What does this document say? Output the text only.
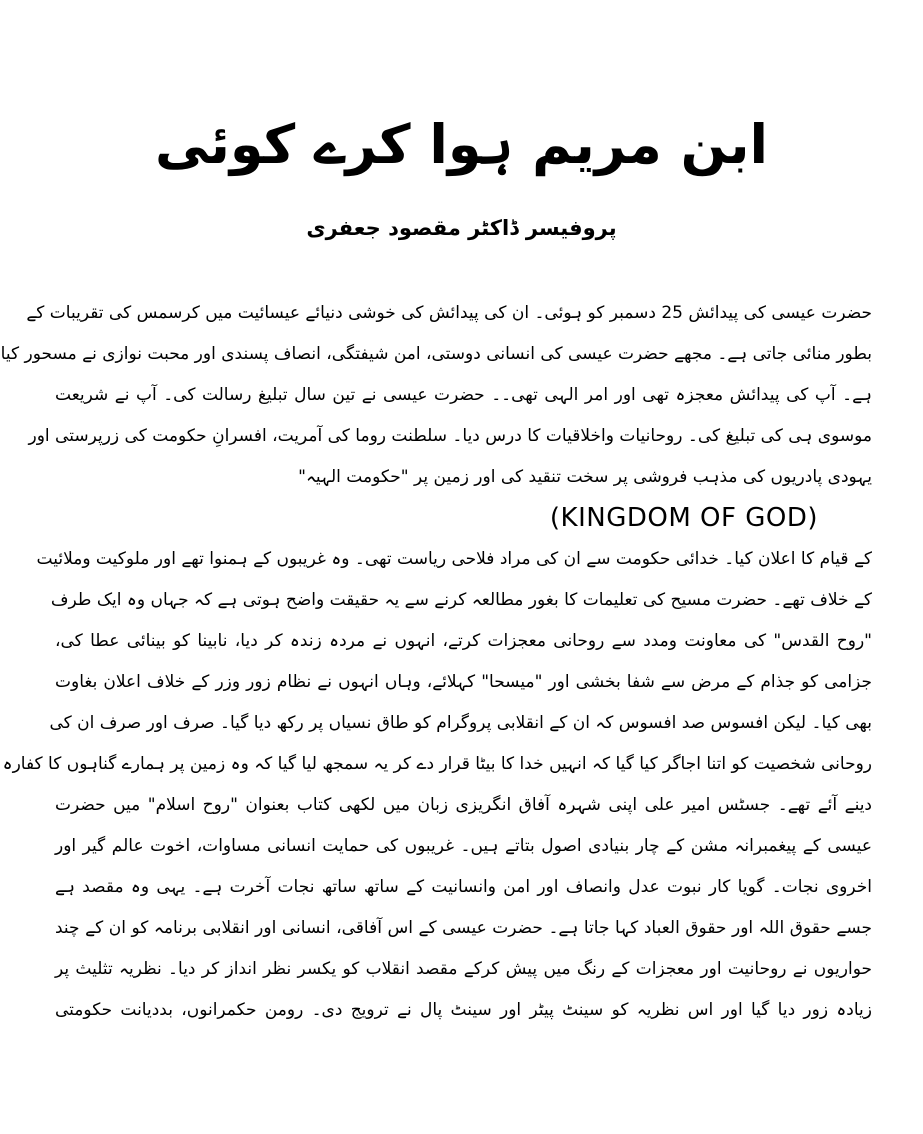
ابن مریم ہوا کرے کوئی
پروفیسر ڈاکٹر مقصود جعفری
حضرت عیسی کی پیدائش 25 دسمبر کو ہوئی۔ ان کی پیدائش کی خوشی دنیائے عیسائیت میں کرسمس کی تقریبات کے
بطور منائی جاتی ہے۔ مجھے حضرت عیسی کی انسانی دوستی، امن شیفتگی، انصاف پسندی اور محبت نوازی نے مسحور کیا
ہے۔ آپ کی پیدائش معجزہ تھی اور امر الہی تھی۔۔ حضرت عیسی نے تین سال تبلیغ رسالت کی۔ آپ نے شریعت
موسوی ہی کی تبلیغ کی۔ روحانیات واخلاقیات کا درس دیا۔ سلطنت روما کی آمریت، افسرانِ حکومت کی زرپرستی اور
یہودی پادریوں کی مذہب فروشی پر سخت تنقید کی اور زمین پر "حکومت الہیہ"
(KINGDOM OF GOD)
کے قیام کا اعلان کیا۔ خدائی حکومت سے ان کی مراد فلاحی ریاست تھی۔ وہ غریبوں کے ہمنوا تھے اور ملوکیت وملائیت
کے خلاف تھے۔ حضرت مسیح کی تعلیمات کا بغور مطالعہ کرنے سے یہ حقیقت واضح ہوتی ہے کہ جہاں وہ ایک طرف
"روح القدس" کی معاونت ومدد سے روحانی معجزات کرتے، انہوں نے مردہ زندہ کر دیا، نابینا کو بینائی عطا کی،
جزامی کو جذام کے مرض سے شفا بخشی اور "میسحا" کہلائے، وہاں انہوں نے نظام زور وزر کے خلاف اعلان بغاوت
بھی کیا۔ لیکن افسوس صد افسوس کہ ان کے انقلابی پروگرام کو طاق نسیاں پر رکھ دیا گیا۔ صرف اور صرف ان کی
روحانی شخصیت کو اتنا اجاگر کیا گیا کہ انہیں خدا کا بیٹا قرار دے کر یہ سمجھ لیا گیا کہ وہ زمین پر ہمارے گناہوں کا کفارہ
دینے آئے تھے۔ جسٹس امیر علی اپنی شہرہ آفاق انگریزی زبان میں لکھی کتاب بعنوان "روح اسلام" میں حضرت
عیسی کے پیغمبرانہ مشن کے چار بنیادی اصول بتاتے ہیں۔ غریبوں کی حمایت انسانی مساوات، اخوت عالم گیر اور
اخروی نجات۔ گویا کار نبوت عدل وانصاف اور امن وانسانیت کے ساتھ ساتھ نجات آخرت ہے۔ یہی وہ مقصد ہے
جسے حقوق اللہ اور حقوق العباد کہا جاتا ہے۔ حضرت عیسی کے اس آفاقی، انسانی اور انقلابی برنامہ کو ان کے چند
حواریوں نے روحانیت اور معجزات کے رنگ میں پیش کرکے مقصد انقلاب کو یکسر نظر انداز کر دیا۔ نظریہ تثلیث پر
زیادہ زور دیا گیا اور اس نظریہ کو سینٹ پیٹر اور سینٹ پال نے ترویج دی۔ رومن حکمرانوں، بددیانت حکومتی
